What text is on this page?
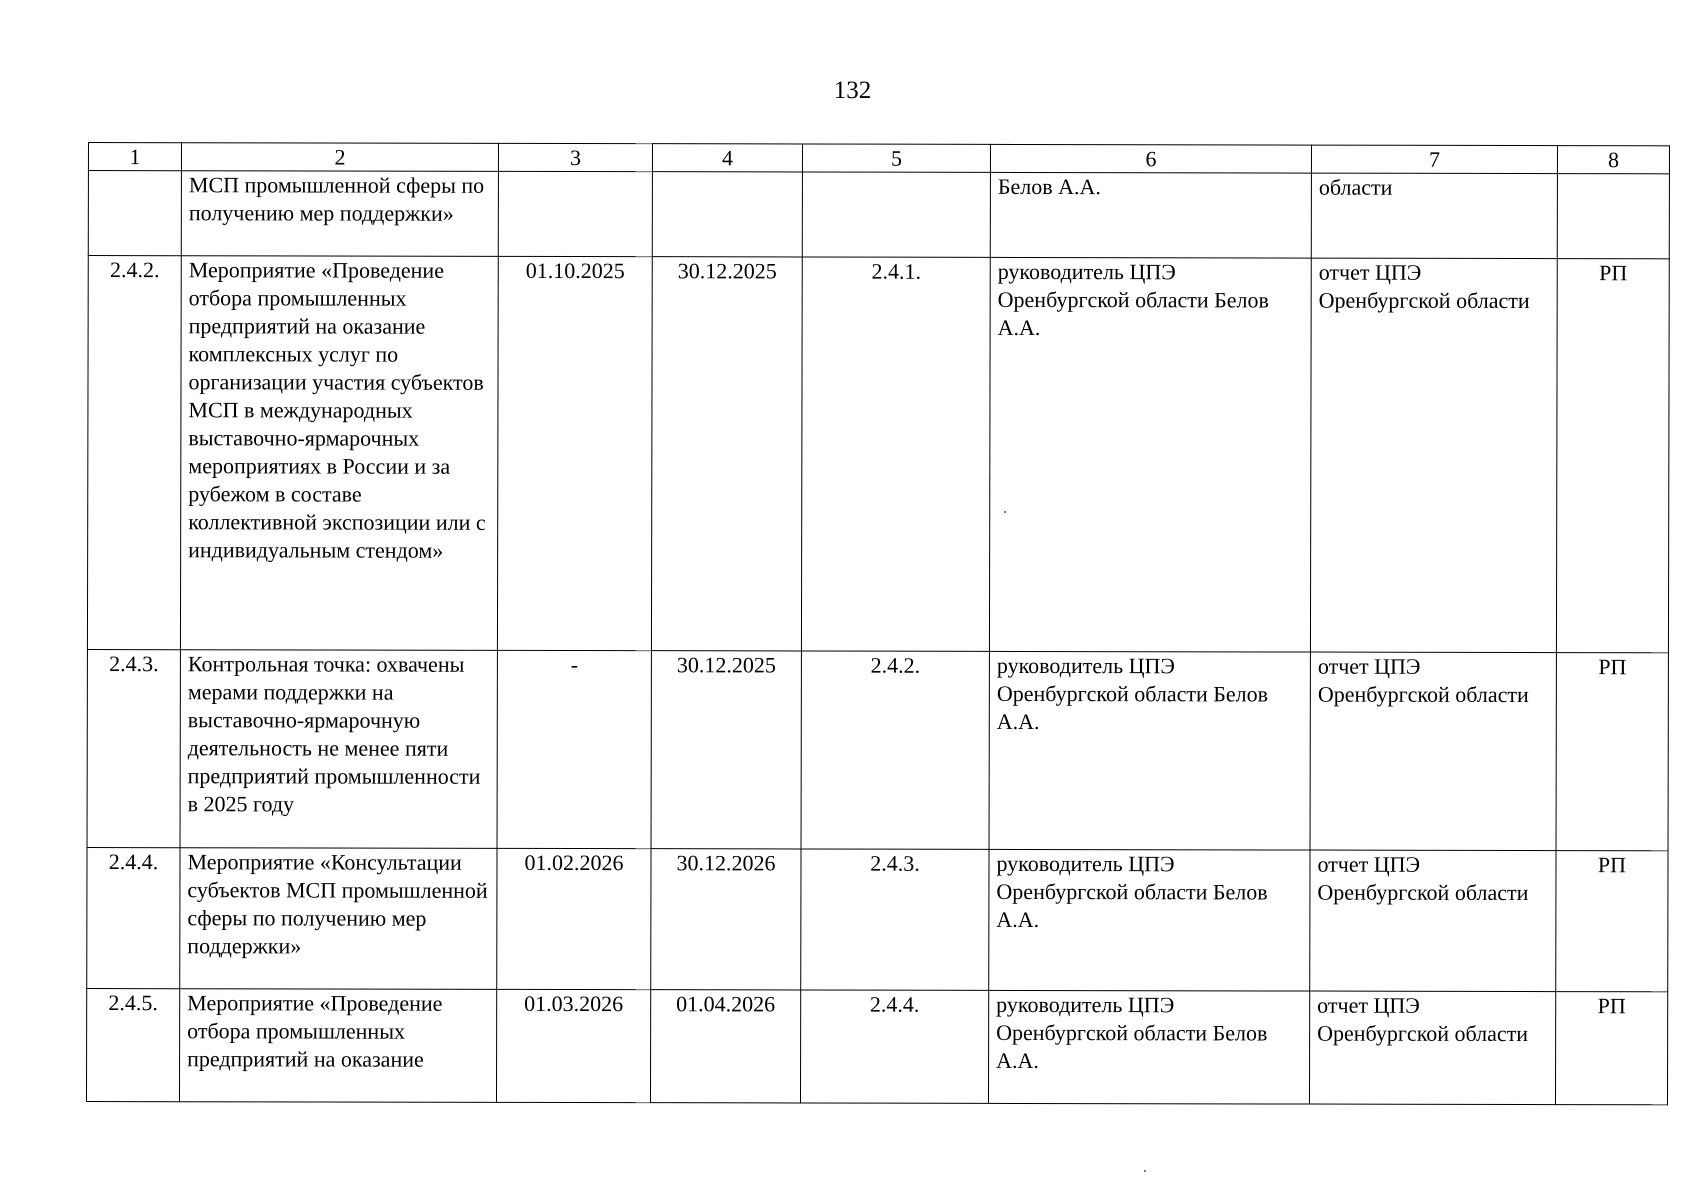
132
1	2	3	4	5	6	7	8
	МСП промышленной сферы по получению мер поддержки»				Белов А.А.	области	
2.4.2.	Мероприятие «Проведение отбора промышленных предприятий на оказание комплексных услуг по организации участия субъектов МСП в международных выставочно-ярмарочных мероприятиях в России и за рубежом в составе коллективной экспозиции или с индивидуальным стендом»	01.10.2025	30.12.2025	2.4.1.	руководитель ЦПЭ Оренбургской области Белов А.А.	отчет ЦПЭ Оренбургской области	РП
2.4.3.	Контрольная точка: охвачены мерами поддержки на выставочно-ярмарочную деятельность не менее пяти предприятий промышленности в 2025 году	-	30.12.2025	2.4.2.	руководитель ЦПЭ Оренбургской области Белов А.А.	отчет ЦПЭ Оренбургской области	РП
2.4.4.	Мероприятие «Консультации субъектов МСП промышленной сферы по получению мер поддержки»	01.02.2026	30.12.2026	2.4.3.	руководитель ЦПЭ Оренбургской области Белов А.А.	отчет ЦПЭ Оренбургской области	РП
2.4.5.	Мероприятие «Проведение отбора промышленных предприятий на оказание	01.03.2026	01.04.2026	2.4.4.	руководитель ЦПЭ Оренбургской области Белов А.А.	отчет ЦПЭ Оренбургской области	РП
